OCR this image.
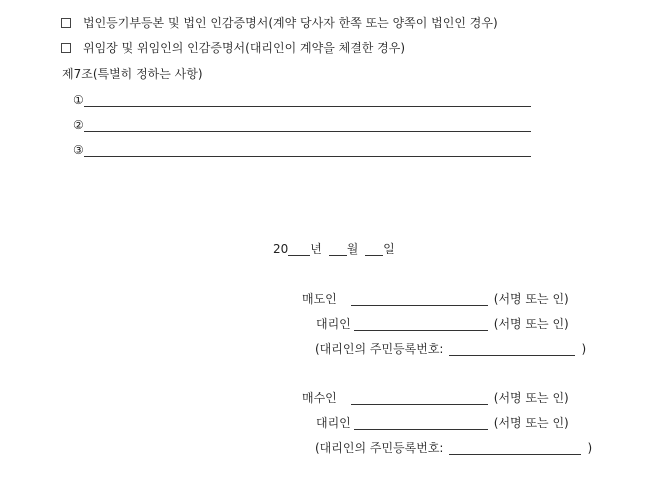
법인등기부등본 및 법인 인감증명서(계약 당사자 한쪽 또는 양쪽이 법인인 경우)
위임장 및 위임인의 인감증명서(대리인이 계약을 체결한 경우)
제7조(특별히 정하는 사항)
①
②
③
20 년 월 일
매도인	(서명 또는 인)
대리인	(서명 또는 인)
(대리인의 주민등록번호:	)
매수인	(서명 또는 인)
대리인	(서명 또는 인)
(대리인의 주민등록번호:	)
